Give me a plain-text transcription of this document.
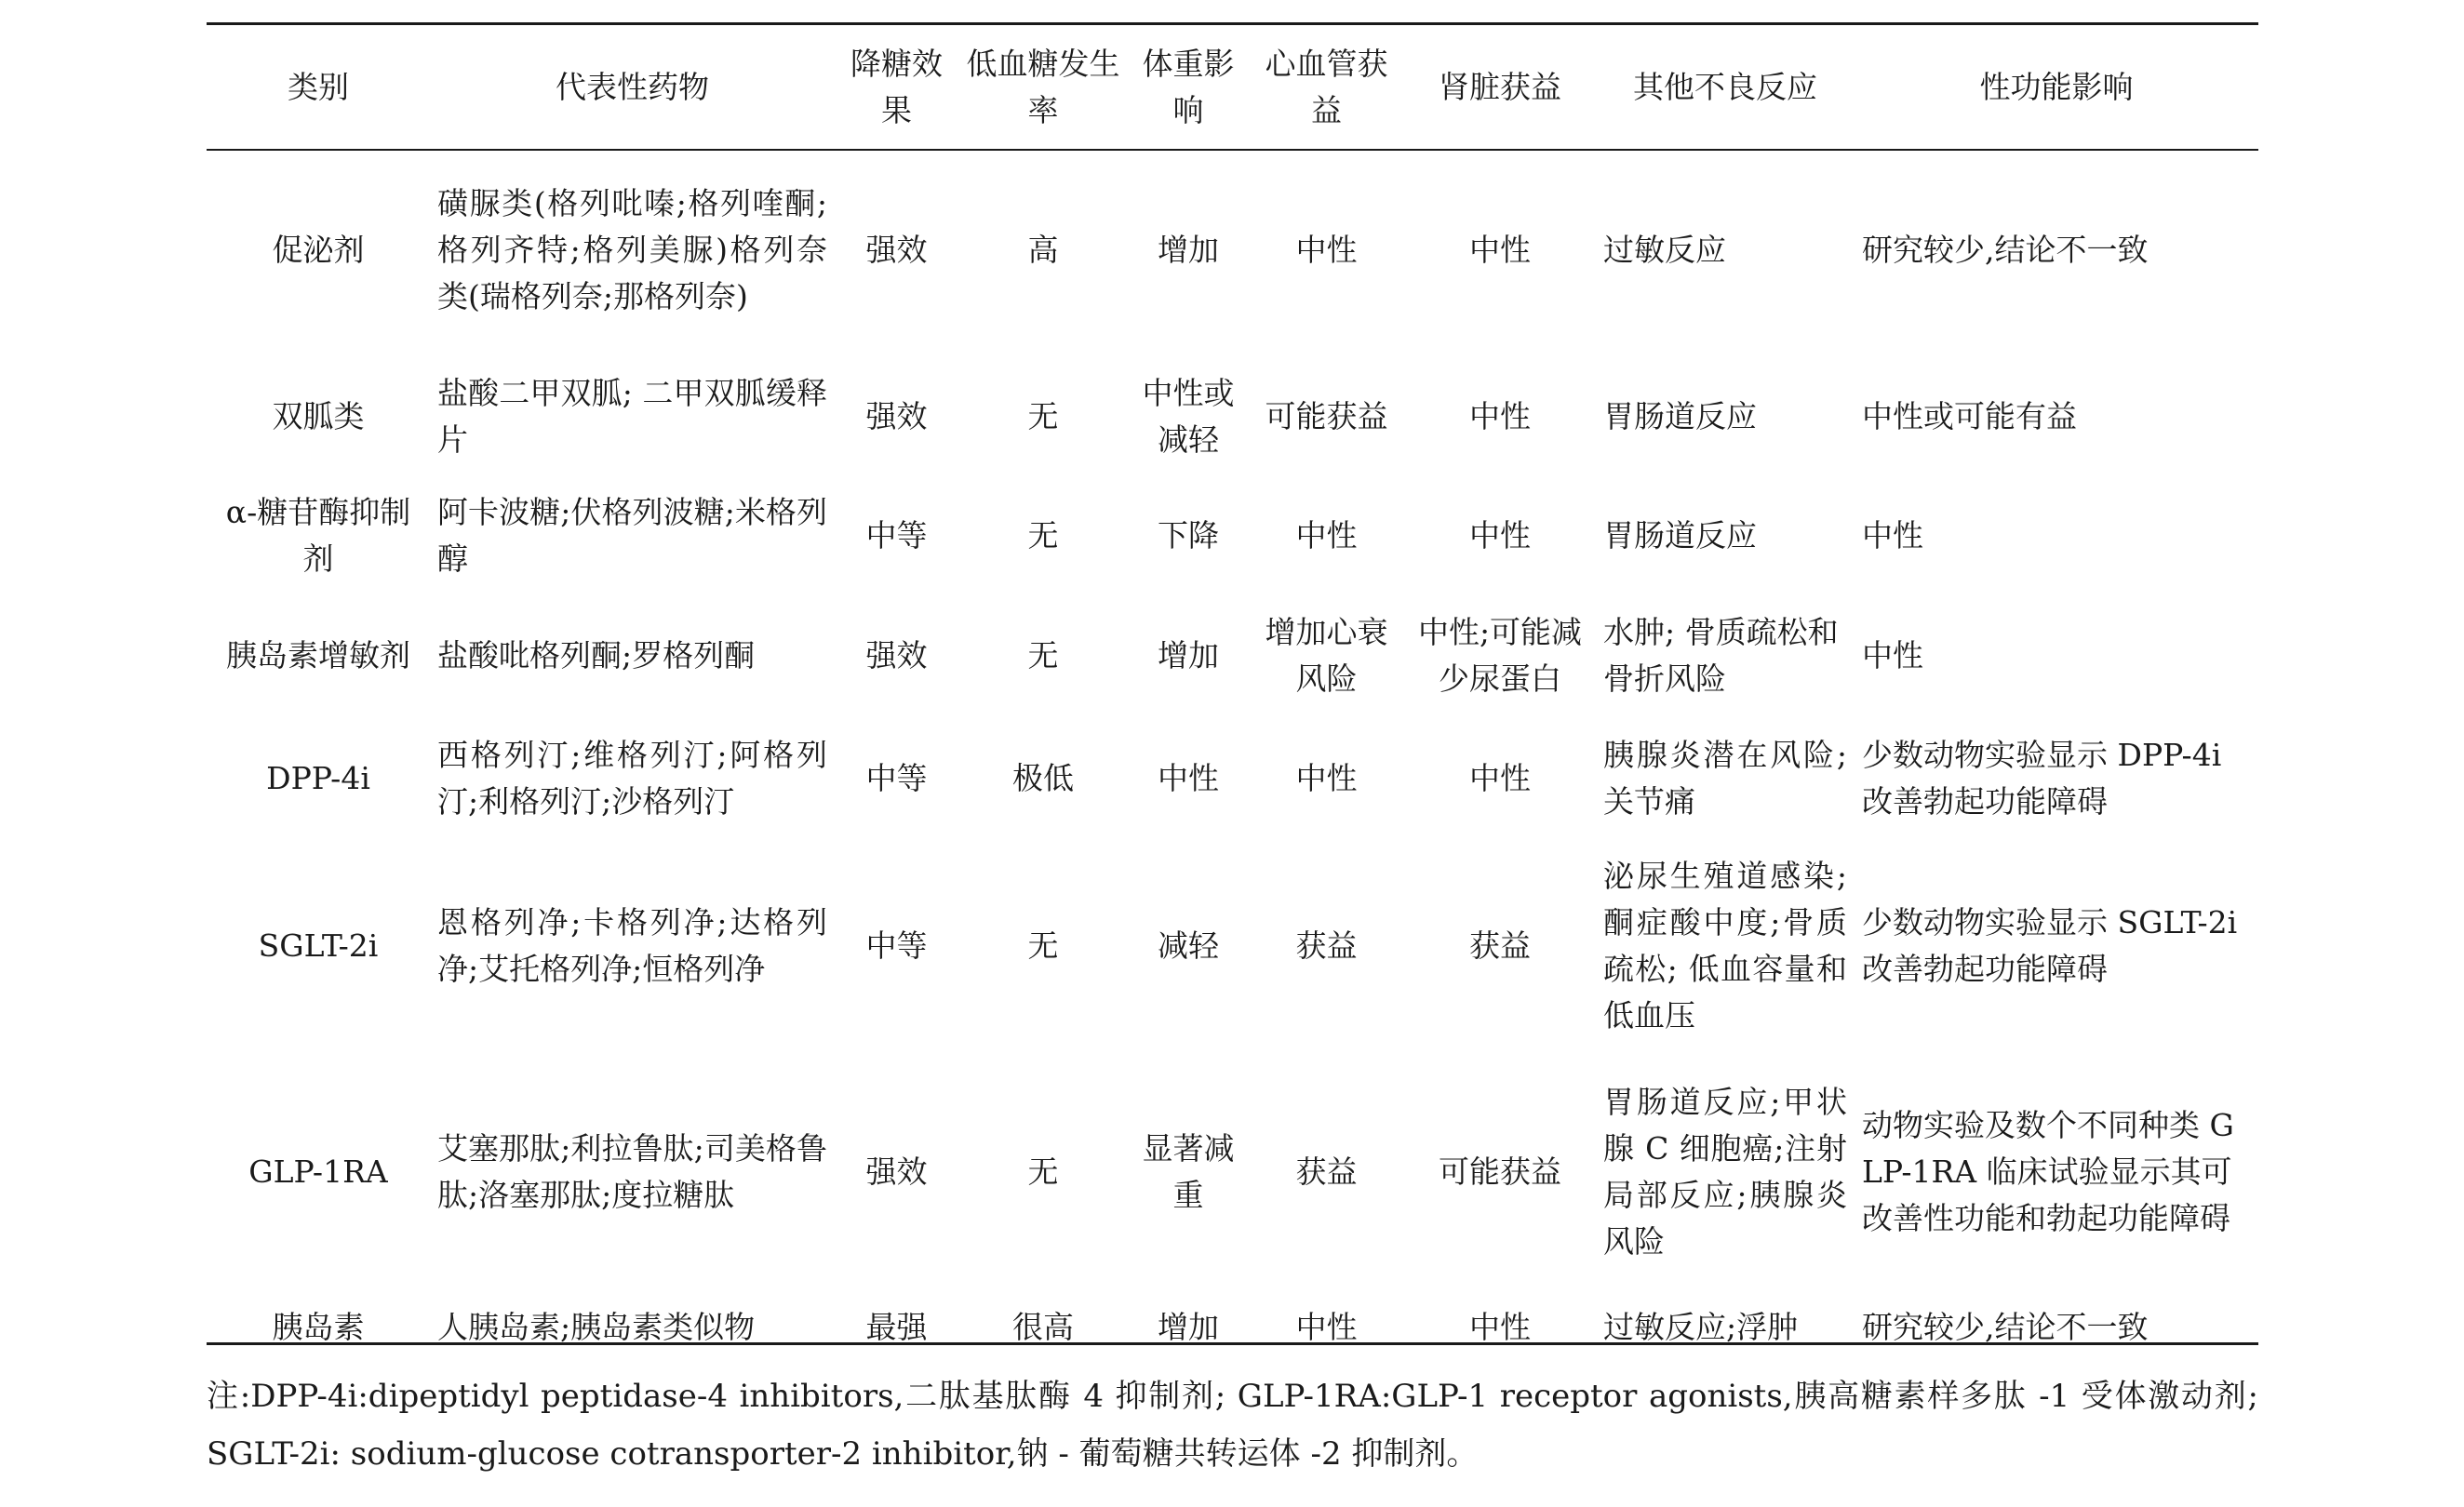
类别	代表性药物	降糖效果	低血糖发生率	体重影响	心血管获益	肾脏获益	其他不良反应	性功能影响
促泌剂	磺脲类(格列吡嗪;格列喹酮;格列齐特;格列美脲)格列奈类(瑞格列奈;那格列奈)	强效	高	增加	中性	中性	过敏反应	研究较少,结论不一致
双胍类	盐酸二甲双胍; 二甲双胍缓释片	强效	无	中性或减轻	可能获益	中性	胃肠道反应	中性或可能有益
α-糖苷酶抑制剂	阿卡波糖;伏格列波糖;米格列醇	中等	无	下降	中性	中性	胃肠道反应	中性
胰岛素增敏剂	盐酸吡格列酮;罗格列酮	强效	无	增加	增加心衰风险	中性;可能减少尿蛋白	水肿; 骨质疏松和骨折风险	中性
DPP-4i	西格列汀;维格列汀;阿格列汀;利格列汀;沙格列汀	中等	极低	中性	中性	中性	胰腺炎潜在风险;关节痛	少数动物实验显示 DPP-4i 改善勃起功能障碍
SGLT-2i	恩格列净;卡格列净;达格列净;艾托格列净;恒格列净	中等	无	减轻	获益	获益	泌尿生殖道感染;酮症酸中度;骨质疏松; 低血容量和低血压	少数动物实验显示 SGLT-2i 改善勃起功能障碍
GLP-1RA	艾塞那肽;利拉鲁肽;司美格鲁肽;洛塞那肽;度拉糖肽	强效	无	显著减重	获益	可能获益	胃肠道反应;甲状腺 C 细胞癌;注射局部反应;胰腺炎风险	动物实验及数个不同种类 GLP-1RA 临床试验显示其可改善性功能和勃起功能障碍
胰岛素	人胰岛素;胰岛素类似物	最强	很高	增加	中性	中性	过敏反应;浮肿	研究较少,结论不一致
注:DPP-4i:dipeptidyl peptidase-4 inhibitors,二肽基肽酶 4 抑制剂; GLP-1RA:GLP-1 receptor agonists,胰高糖素样多肽 -1 受体激动剂; SGLT-2i: sodium-glucose cotransporter-2 inhibitor,钠 - 葡萄糖共转运体 -2 抑制剂。
